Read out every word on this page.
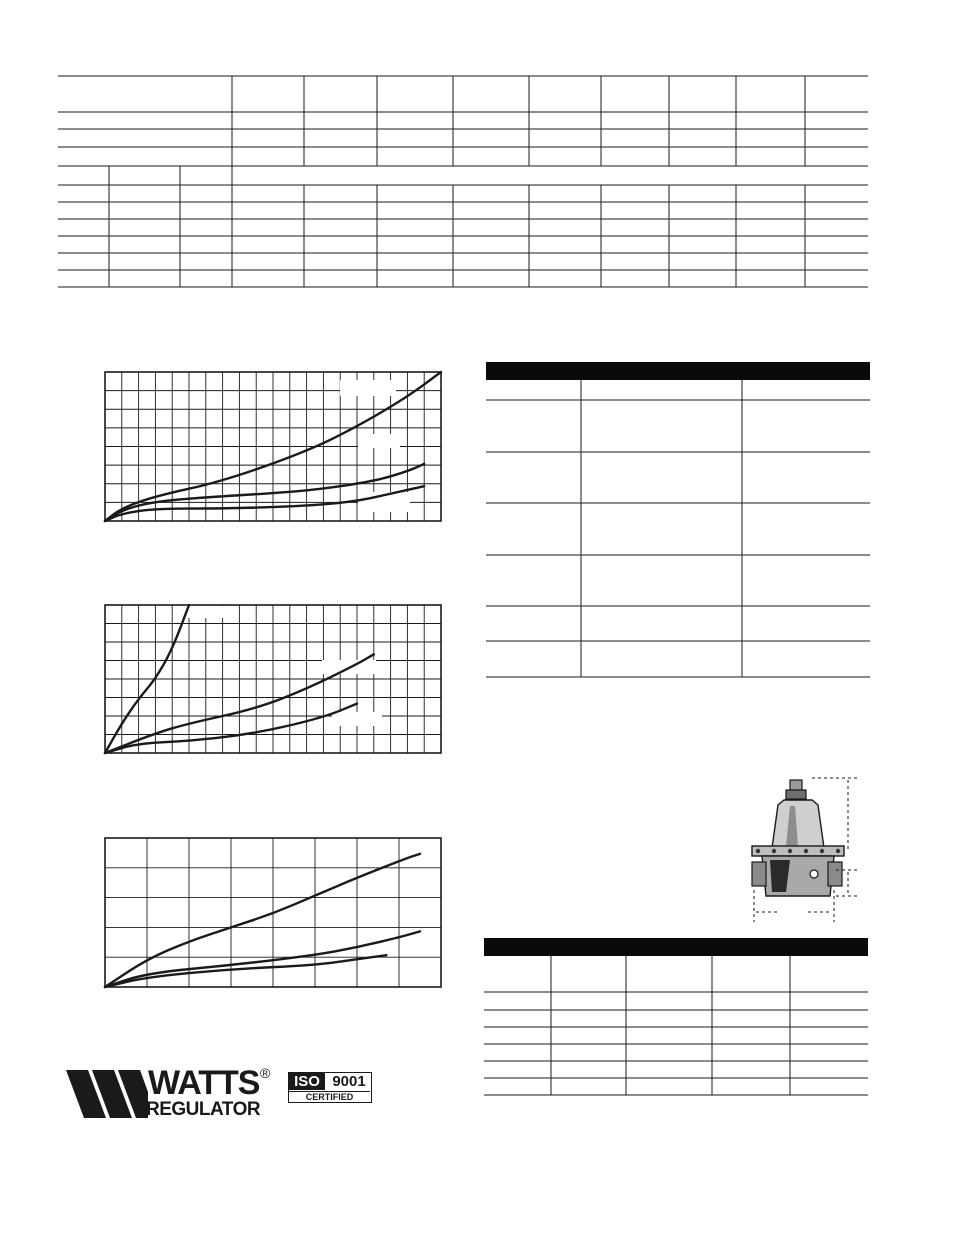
WATTS ®
REGULATOR
ISO 9001
CERTIFIED
